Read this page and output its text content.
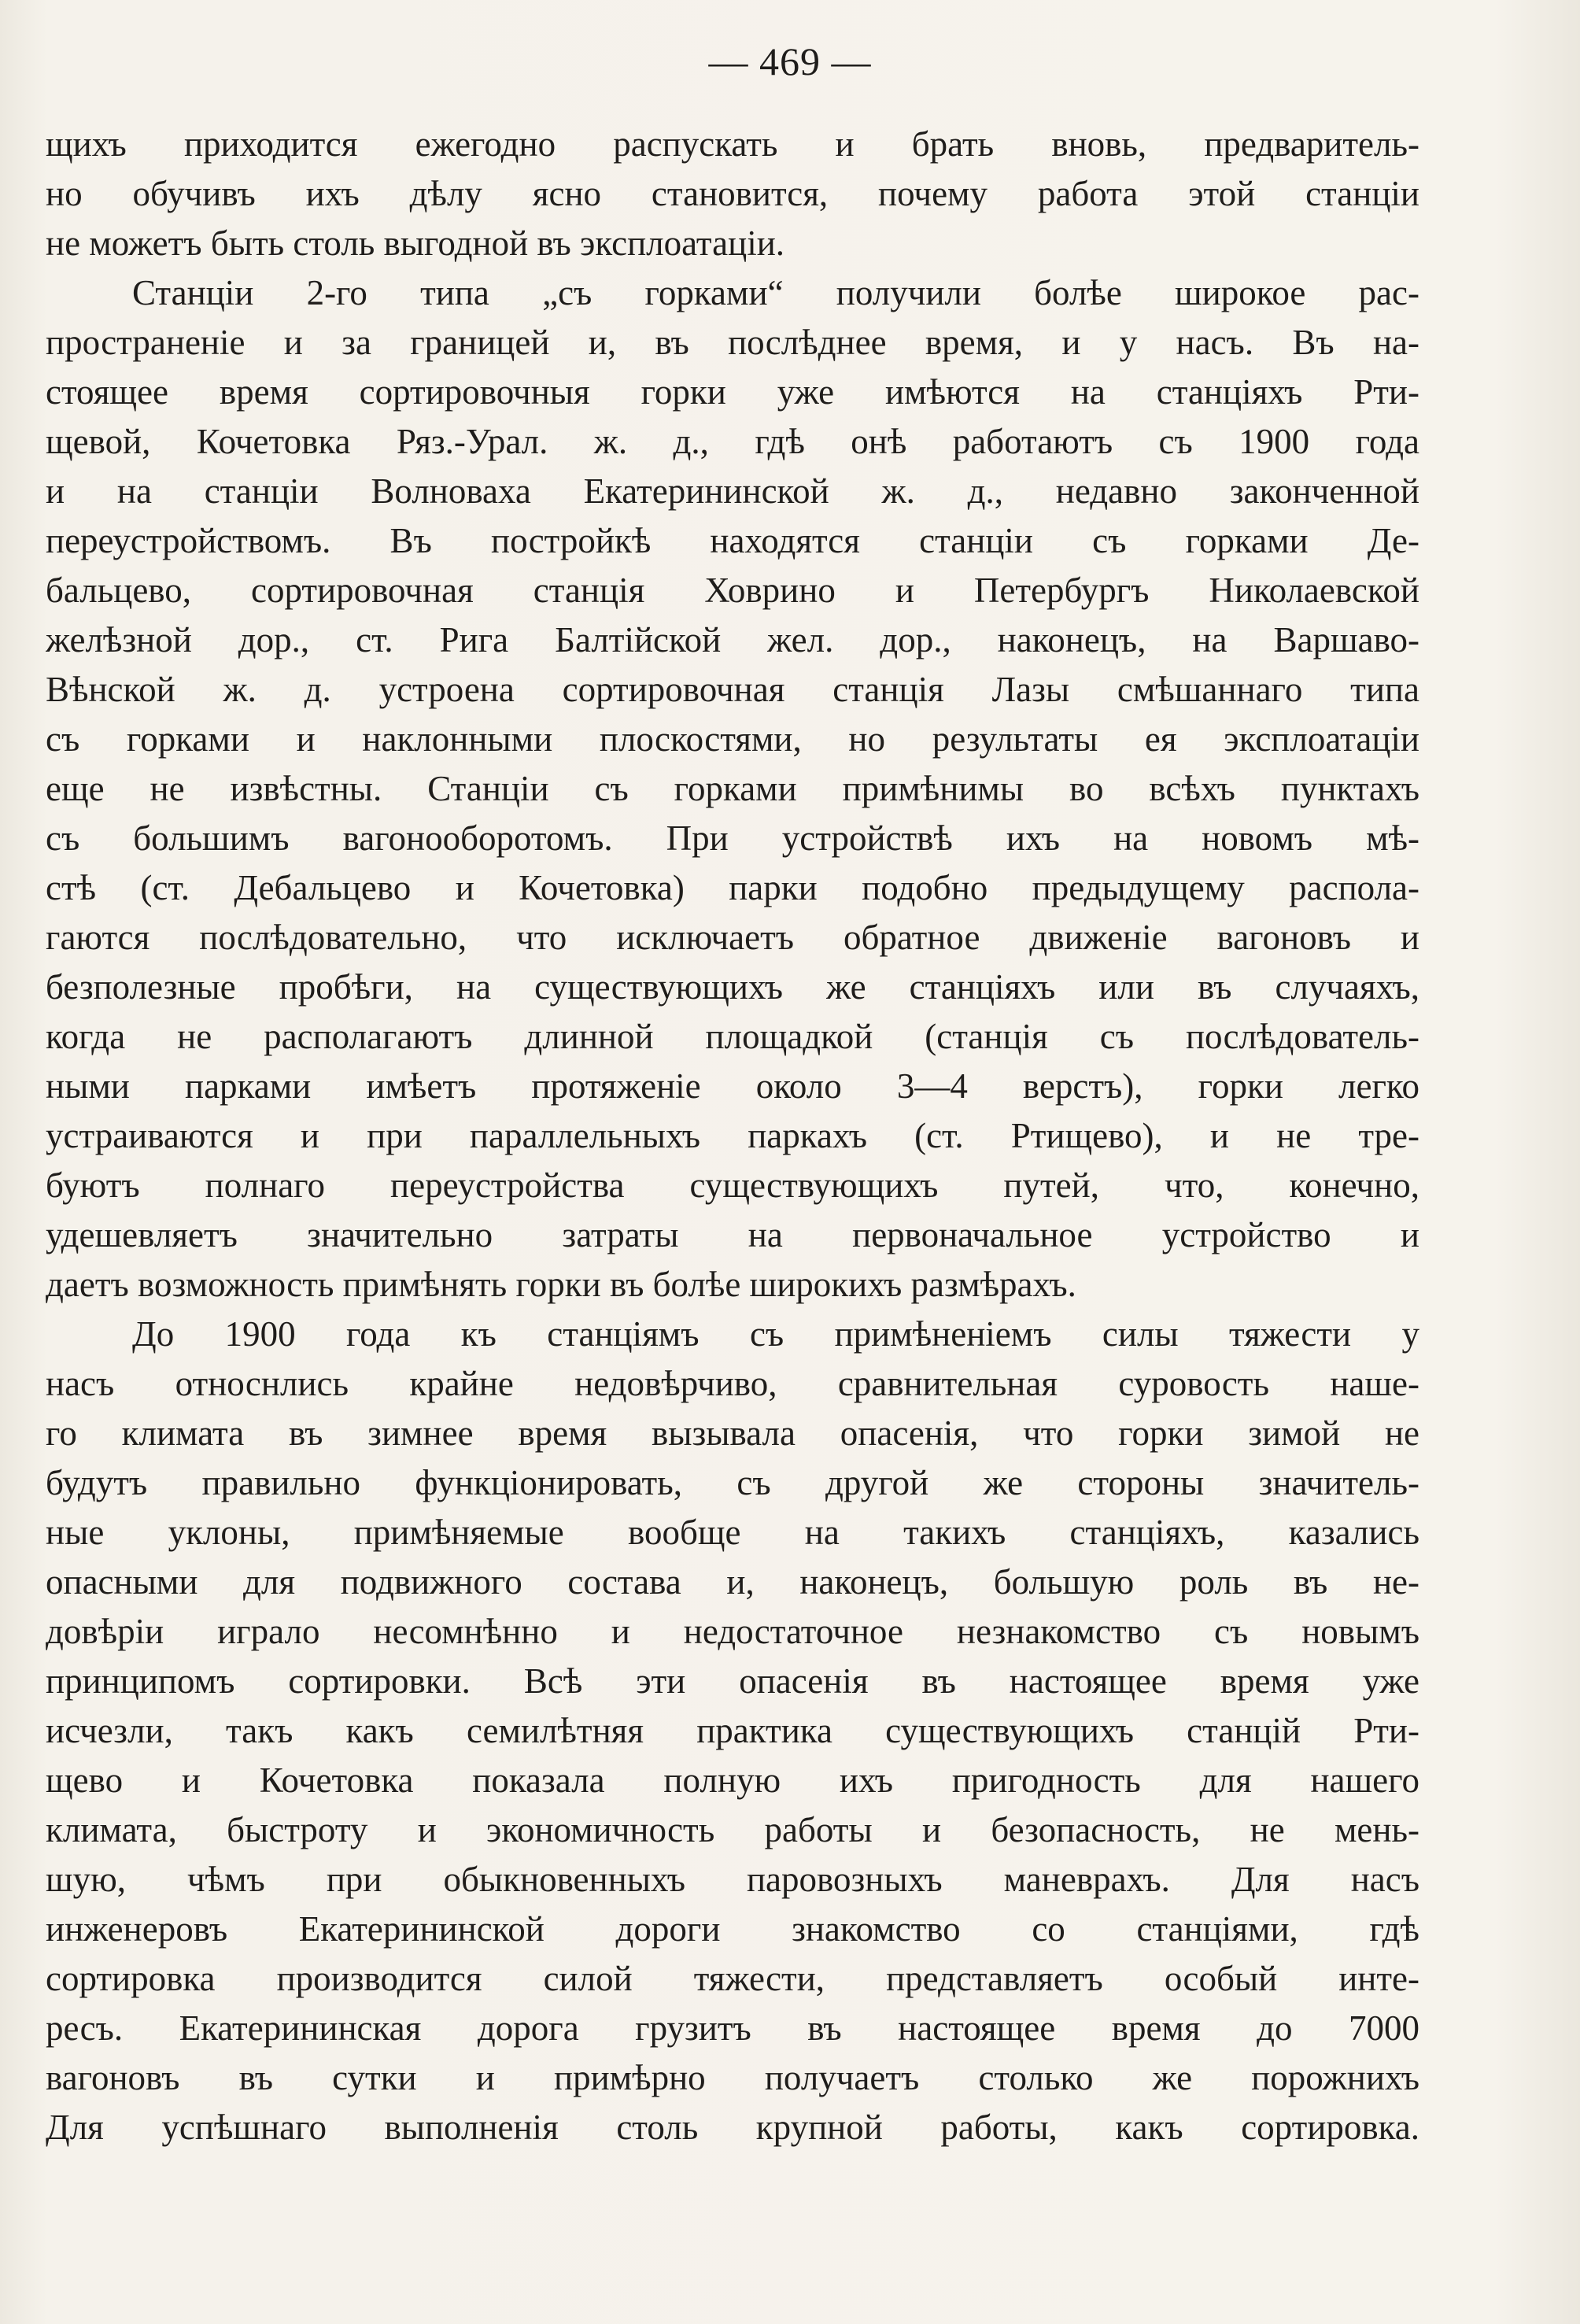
— 469 —
щихъ приходится ежегодно распускать и брать вновь, предваритель-
но обучивъ ихъ дѣлу ясно становится, почему работа этой станціи
не можетъ быть столь выгодной въ эксплоатаціи.
Станціи 2-го типа „съ горками“ получили болѣе широкое рас-
пространеніе и за границей и, въ послѣднее время, и у насъ. Въ на-
стоящее время сортировочныя горки уже имѣются на станціяхъ Рти-
щевой, Кочетовка Ряз.-Урал. ж. д., гдѣ онѣ работаютъ съ 1900 года
и на станціи Волноваха Екатерининской ж. д., недавно законченной
переустройствомъ. Въ постройкѣ находятся станціи съ горками Де-
бальцево, сортировочная станція Ховрино и Петербургъ Николаевской
желѣзной дор., ст. Рига Балтійской жел. дор., наконецъ, на Варшаво-
Вѣнской ж. д. устроена сортировочная станція Лазы смѣшаннаго типа
съ горками и наклонными плоскостями, но результаты ея эксплоатаціи
еще не извѣстны. Станціи съ горками примѣнимы во всѣхъ пунктахъ
съ большимъ вагонооборотомъ. При устройствѣ ихъ на новомъ мѣ-
стѣ (ст. Дебальцево и Кочетовка) парки подобно предыдущему распола-
гаются послѣдовательно, что исключаетъ обратное движеніе вагоновъ и
безполезные пробѣги, на существующихъ же станціяхъ или въ случаяхъ,
когда не располагаютъ длинной площадкой (станція съ послѣдователь-
ными парками имѣетъ протяженіе около 3—4 верстъ), горки легко
устраиваются и при параллельныхъ паркахъ (ст. Ртищево), и не тре-
буютъ полнаго переустройства существующихъ путей, что, конечно,
удешевляетъ значительно затраты на первоначальное устройство и
даетъ возможность примѣнять горки въ болѣе широкихъ размѣрахъ.
До 1900 года къ станціямъ съ примѣненіемъ силы тяжести у
насъ относнлись крайне недовѣрчиво, сравнительная суровость наше-
го климата въ зимнее время вызывала опасенія, что горки зимой не
будутъ правильно функціонировать, съ другой же стороны значитель-
ные уклоны, примѣняемые вообще на такихъ станціяхъ, казались
опасными для подвижного состава и, наконецъ, большую роль въ не-
довѣріи играло несомнѣнно и недостаточное незнакомство съ новымъ
принципомъ сортировки. Всѣ эти опасенія въ настоящее время уже
исчезли, такъ какъ семилѣтняя практика существующихъ станцій Рти-
щево и Кочетовка показала полную ихъ пригодность для нашего
климата, быстроту и экономичность работы и безопасность, не мень-
шую, чѣмъ при обыкновенныхъ паровозныхъ маневрахъ. Для насъ
инженеровъ Екатерининской дороги знакомство со станціями, гдѣ
сортировка производится силой тяжести, представляетъ особый инте-
ресъ. Екатерининская дорога грузитъ въ настоящее время до 7000
вагоновъ въ сутки и примѣрно получаетъ столько же порожнихъ
Для успѣшнаго выполненія столь крупной работы, какъ сортировка.
